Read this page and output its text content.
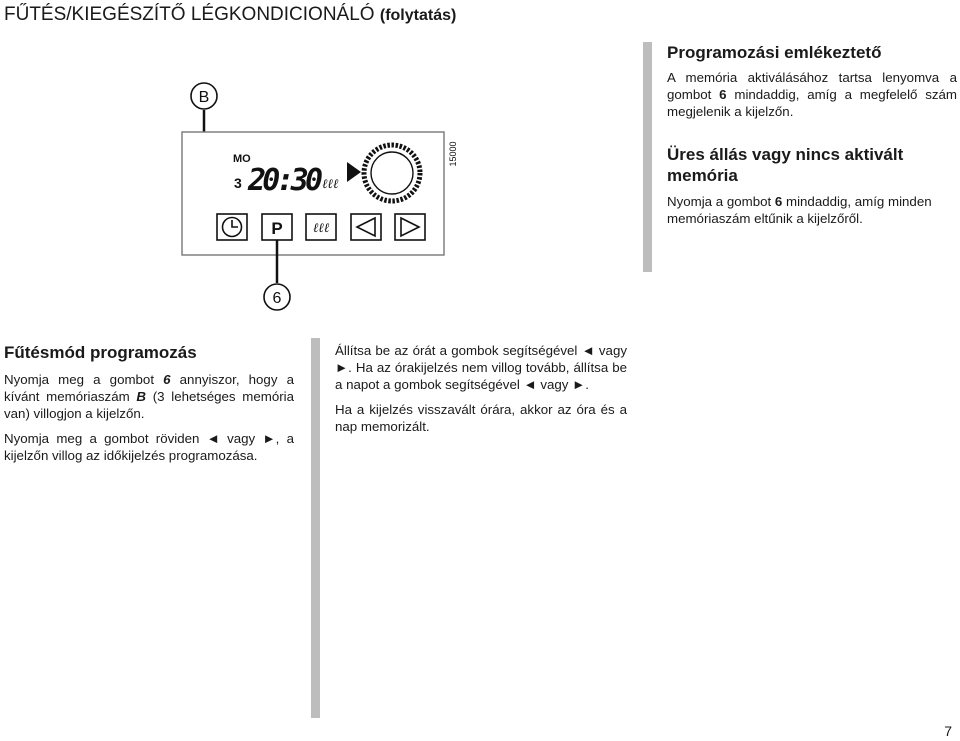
FŰTÉS/KIEGÉSZÍTŐ LÉGKONDICIONÁLÓ (folytatás)
B
MO
3 20:30 ℓℓℓ
15000
P ℓℓℓ
6
Programozási emlékeztető

A memória aktiválásához tartsa lenyomva a gombot 6 mindaddig, amíg a megfelelő szám megjelenik a kijelzőn.

Üres állás vagy nincs aktivált memória

Nyomja a gombot 6 mindaddig, amíg minden memóriaszám eltűnik a kijelzőről.

Fűtésmód programozás

Nyomja meg a gombot 6 annyiszor, hogy a kívánt memóriaszám B (3 lehetséges memória van) villogjon a kijelzőn.

Nyomja meg a gombot röviden ◄ vagy ►, a kijelzőn villog az időkijelzés programozása.

Állítsa be az órát a gombok segítségével ◄ vagy ►. Ha az órakijelzés nem villog tovább, állítsa be a napot a gombok segítségével ◄ vagy ►.

Ha a kijelzés visszavált órára, akkor az óra és a nap memorizált.

7
